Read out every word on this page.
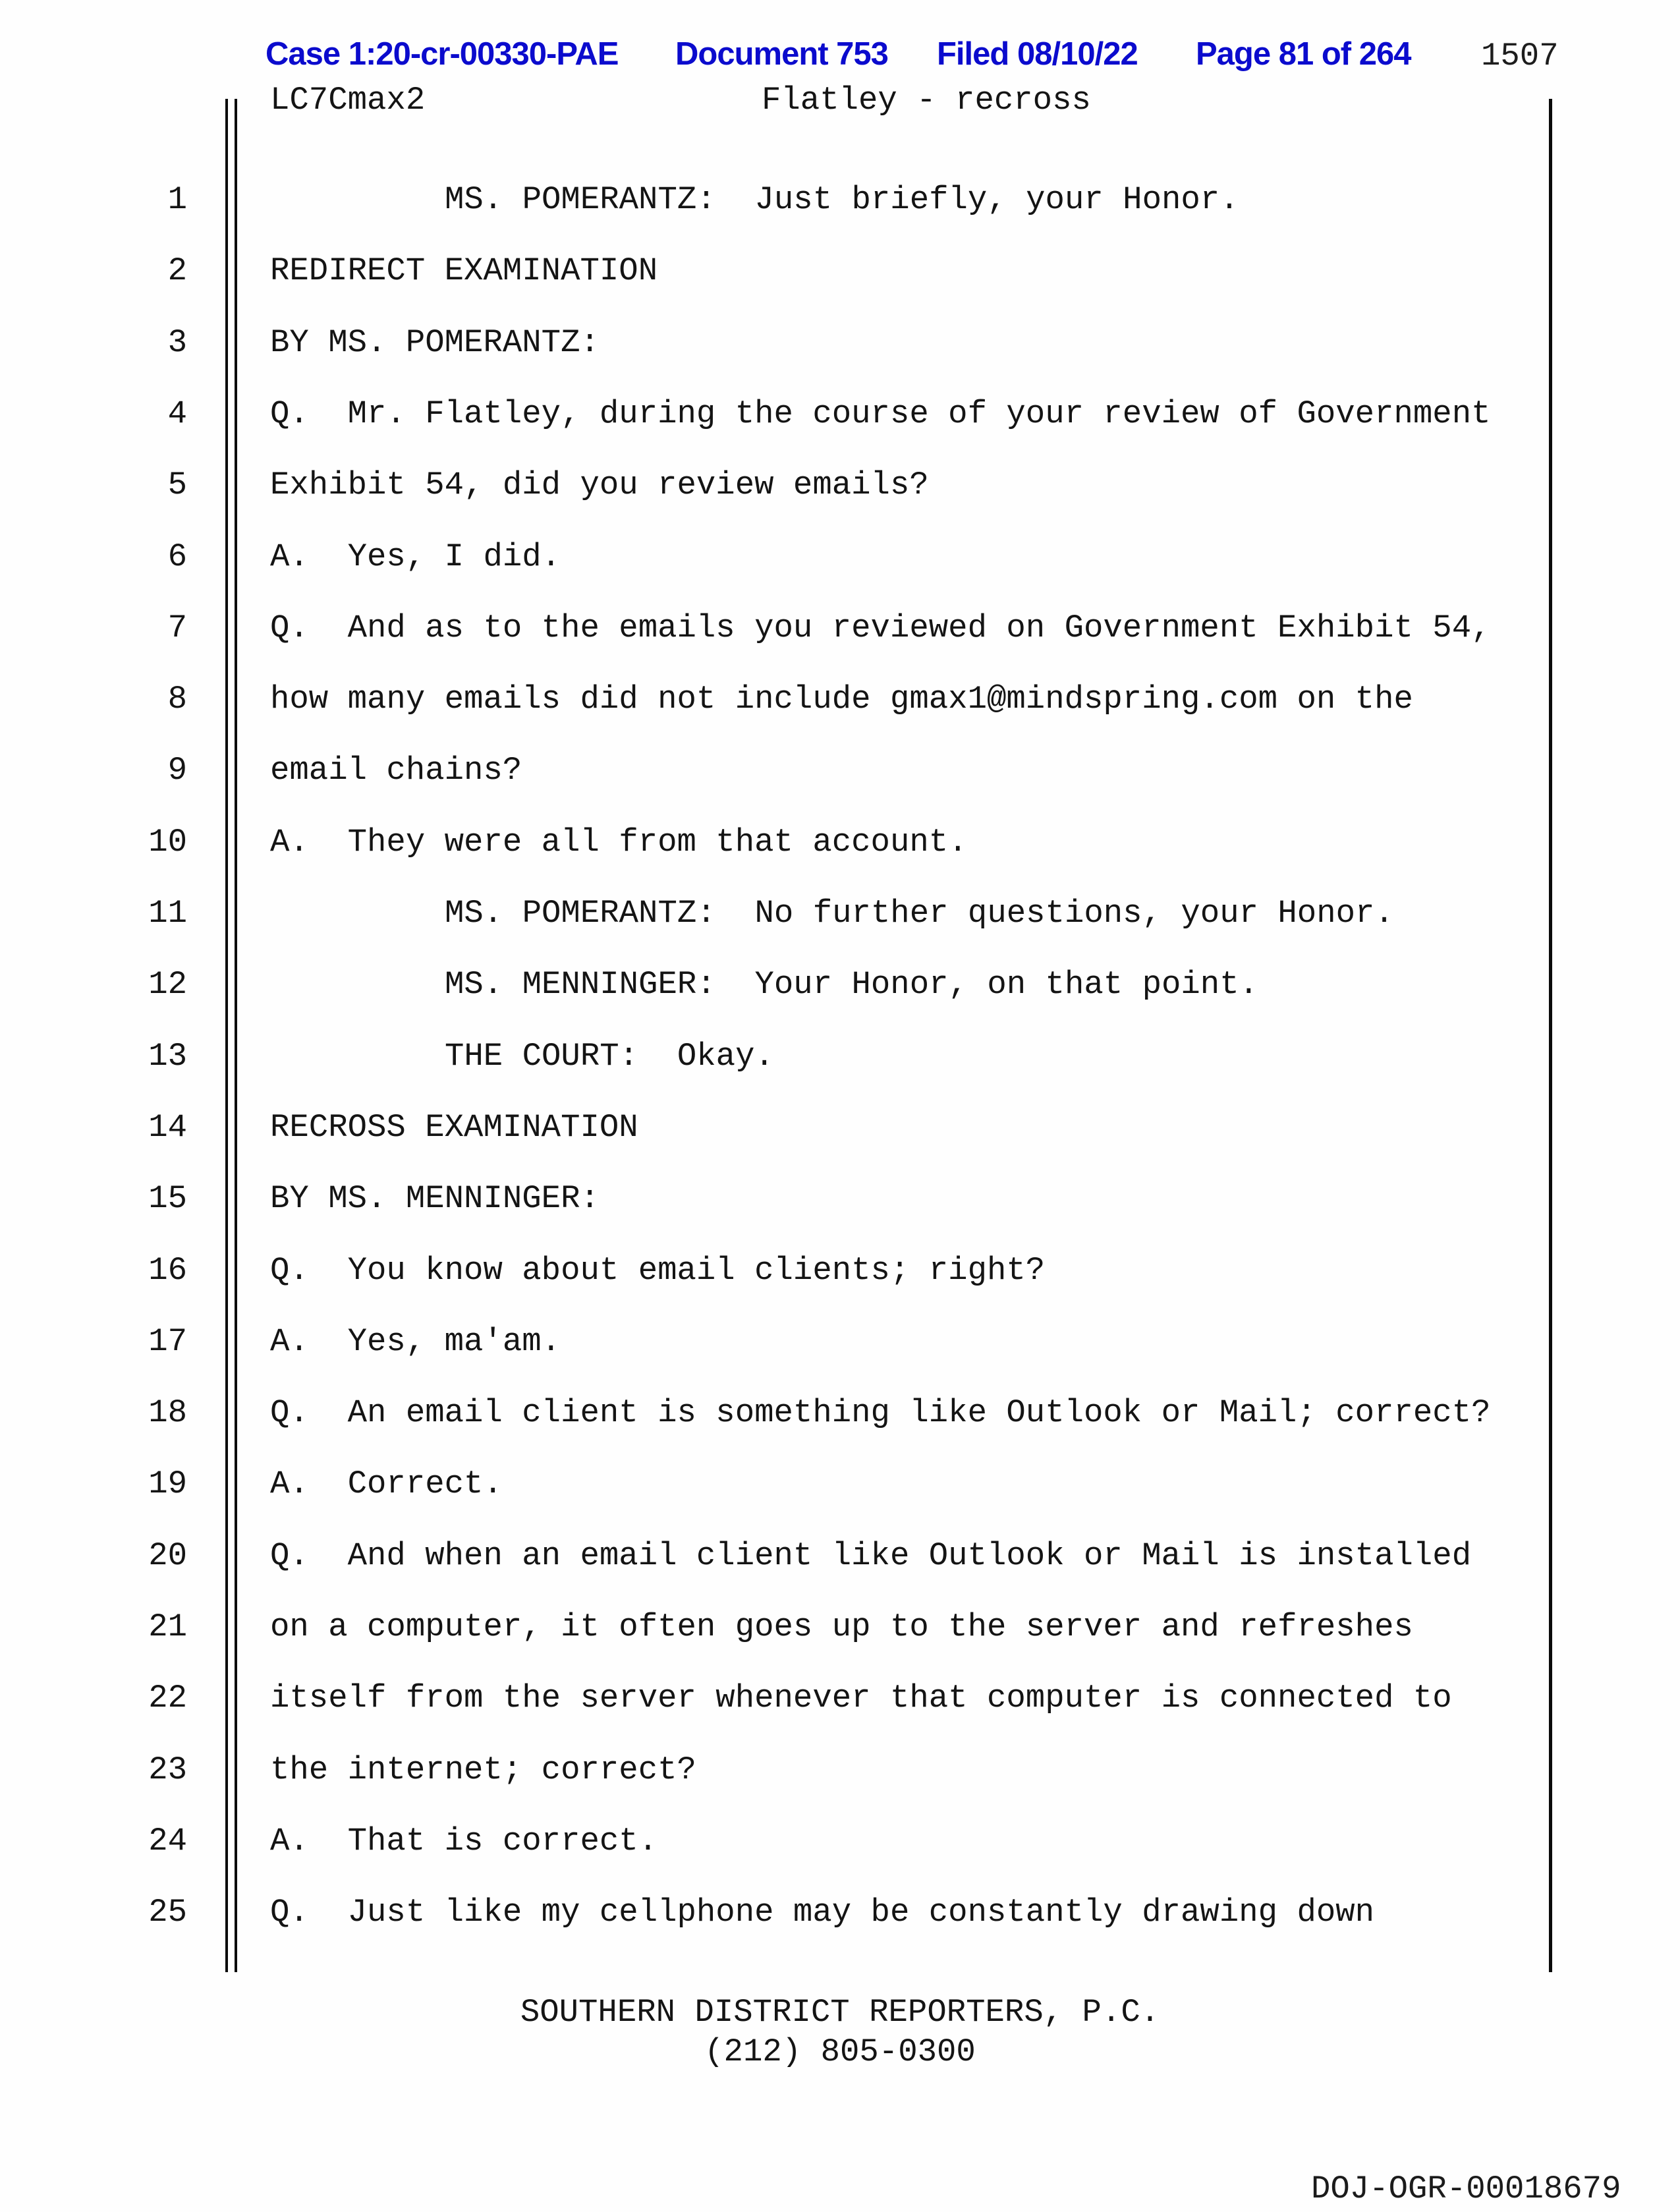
Case 1:20-cr-00330-PAE Document 753 Filed 08/10/22 Page 81 of 264 1507
LC7Cmax2	Flatley - recross
1	MS. POMERANTZ:  Just briefly, your Honor.
2	REDIRECT EXAMINATION
3	BY MS. POMERANTZ:
4	Q.  Mr. Flatley, during the course of your review of Government
5	Exhibit 54, did you review emails?
6	A.  Yes, I did.
7	Q.  And as to the emails you reviewed on Government Exhibit 54,
8	how many emails did not include gmax1@mindspring.com on the
9	email chains?
10	A.  They were all from that account.
11	MS. POMERANTZ:  No further questions, your Honor.
12	MS. MENNINGER:  Your Honor, on that point.
13	THE COURT:  Okay.
14	RECROSS EXAMINATION
15	BY MS. MENNINGER:
16	Q.  You know about email clients; right?
17	A.  Yes, ma'am.
18	Q.  An email client is something like Outlook or Mail; correct?
19	A.  Correct.
20	Q.  And when an email client like Outlook or Mail is installed
21	on a computer, it often goes up to the server and refreshes
22	itself from the server whenever that computer is connected to
23	the internet; correct?
24	A.  That is correct.
25	Q.  Just like my cellphone may be constantly drawing down
SOUTHERN DISTRICT REPORTERS, P.C.
(212) 805-0300
DOJ-OGR-00018679
